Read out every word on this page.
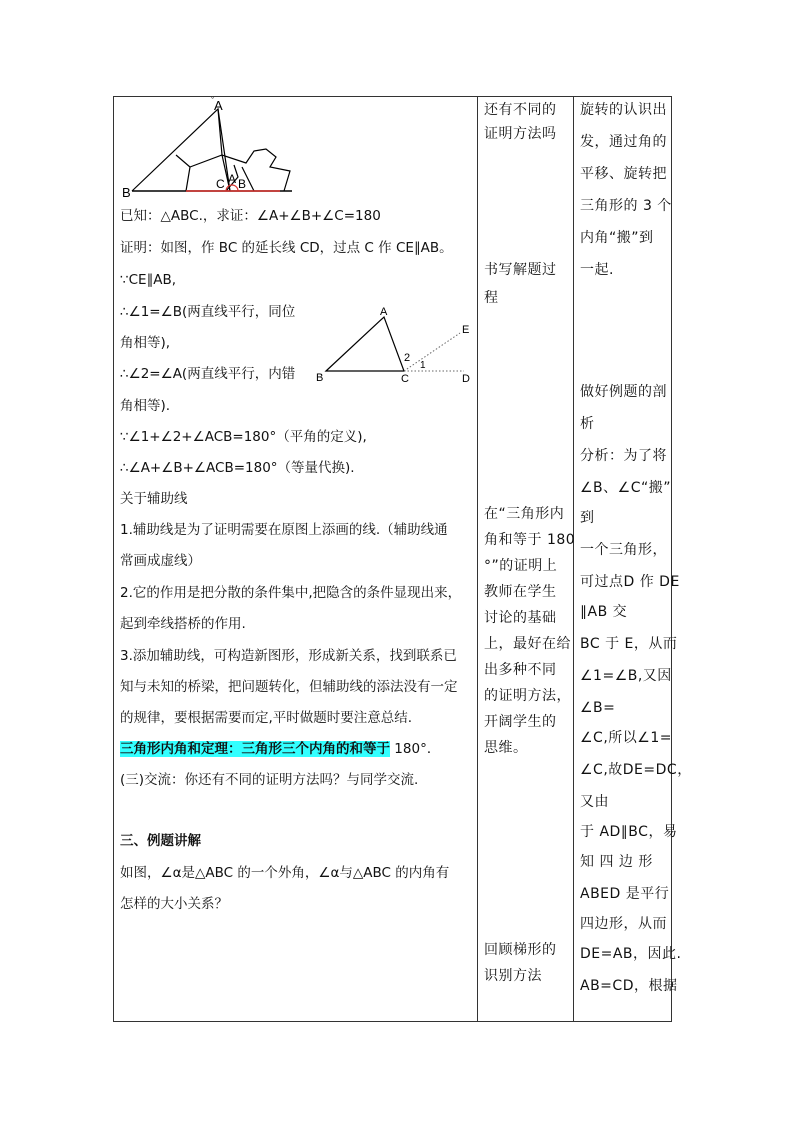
A
°
B
C A B
已知：△ABC.，求证：∠A+∠B+∠C=180
证明：如图，作 BC 的延长线 CD，过点 C 作 CE∥AB。
∵CE∥AB,
∴∠1=∠B(两直线平行，同位
角相等),
∴∠2=∠A(两直线平行，内错
角相等).
A
B	C	D
E
2
1
∵∠1+∠2+∠ACB=180°（平角的定义),
∴∠A+∠B+∠ACB=180°（等量代换).
关于辅助线
1.辅助线是为了证明需要在原图上添画的线.（辅助线通
常画成虚线）
2.它的作用是把分散的条件集中,把隐含的条件显现出来，
起到牵线搭桥的作用.
3.添加辅助线，可构造新图形，形成新关系，找到联系已
知与未知的桥梁，把问题转化，但辅助线的添法没有一定
的规律，要根据需要而定,平时做题时要注意总结.
三角形内角和定理：三角形三个内角的和等于 180°．
(三)交流：你还有不同的证明方法吗？与同学交流.
三、例题讲解
如图，∠α是△ABC 的一个外角，∠α与△ABC 的内角有
怎样的大小关系？
还有不同的
证明方法吗
书写解题过
程
在“三角形内
角和等于 180
°”的证明上
教师在学生
讨论的基础
上，最好在给
出多种不同
的证明方法，
开阔学生的
思维。
回顾梯形的
识别方法
旋转的认识出
发，通过角的
平移、旋转把
三角形的 3 个
内角“搬”到
一起.
做好例题的剖
析
分析：为了将
∠B、∠C“搬”
到
一个三角形，
可过点D 作 DE
∥AB 交
BC 于 E，从而
∠1=∠B,又因
∠B=
∠C,所以∠1=
∠C,故DE=DC，
又由
于 AD∥BC，易
知 四 边 形
ABED 是平行
四边形，从而
DE=AB，因此.
AB=CD，根据
